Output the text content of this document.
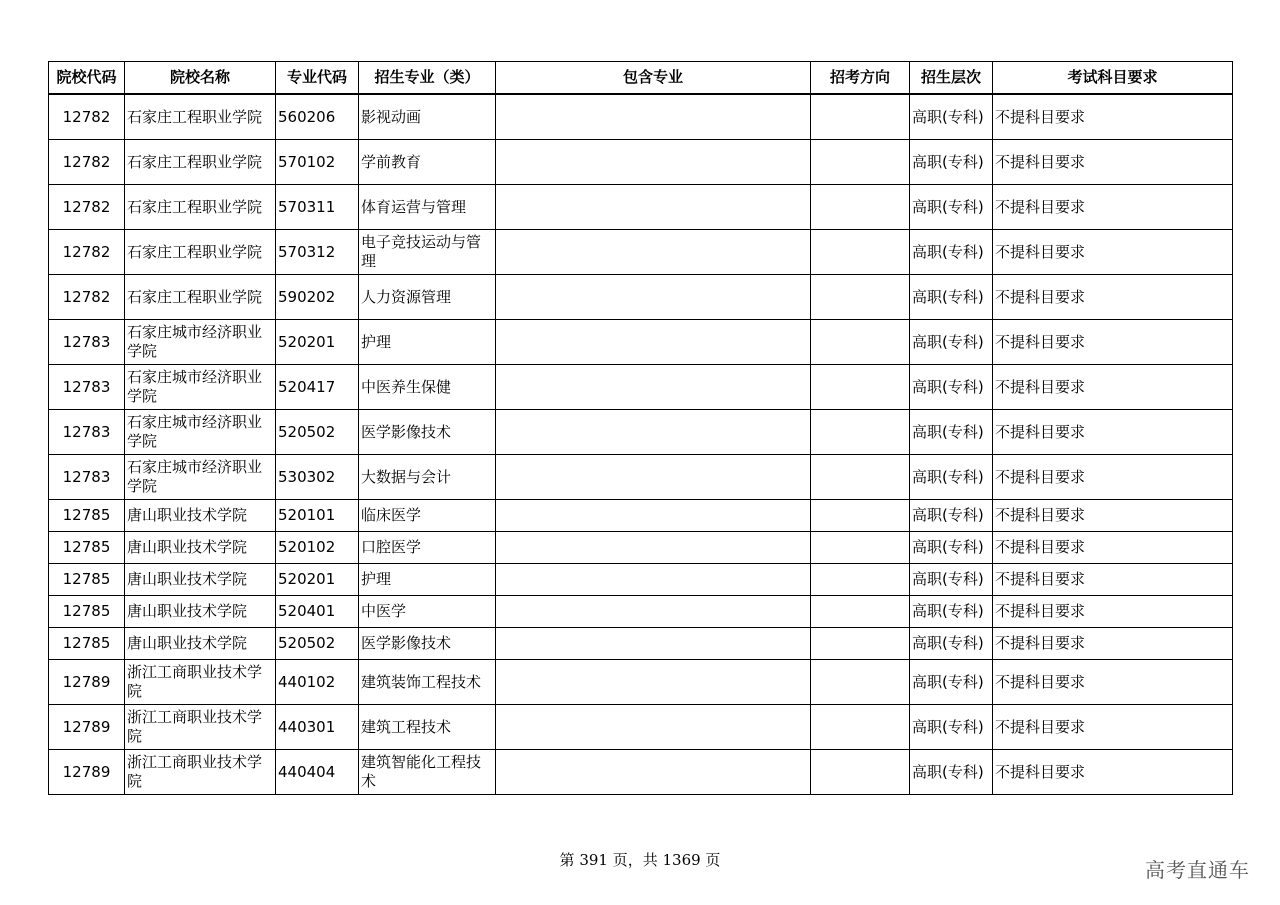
院校代码	院校名称	专业代码	招生专业（类）	包含专业	招考方向	招生层次	考试科目要求
12782	石家庄工程职业学院	560206	影视动画			高职(专科)	不提科目要求
12782	石家庄工程职业学院	570102	学前教育			高职(专科)	不提科目要求
12782	石家庄工程职业学院	570311	体育运营与管理			高职(专科)	不提科目要求
12782	石家庄工程职业学院	570312	电子竞技运动与管理			高职(专科)	不提科目要求
12782	石家庄工程职业学院	590202	人力资源管理			高职(专科)	不提科目要求
12783	石家庄城市经济职业学院	520201	护理			高职(专科)	不提科目要求
12783	石家庄城市经济职业学院	520417	中医养生保健			高职(专科)	不提科目要求
12783	石家庄城市经济职业学院	520502	医学影像技术			高职(专科)	不提科目要求
12783	石家庄城市经济职业学院	530302	大数据与会计			高职(专科)	不提科目要求
12785	唐山职业技术学院	520101	临床医学			高职(专科)	不提科目要求
12785	唐山职业技术学院	520102	口腔医学			高职(专科)	不提科目要求
12785	唐山职业技术学院	520201	护理			高职(专科)	不提科目要求
12785	唐山职业技术学院	520401	中医学			高职(专科)	不提科目要求
12785	唐山职业技术学院	520502	医学影像技术			高职(专科)	不提科目要求
12789	浙江工商职业技术学院	440102	建筑装饰工程技术			高职(专科)	不提科目要求
12789	浙江工商职业技术学院	440301	建筑工程技术			高职(专科)	不提科目要求
12789	浙江工商职业技术学院	440404	建筑智能化工程技术			高职(专科)	不提科目要求
第 391 页，共 1369 页	高考直通车
